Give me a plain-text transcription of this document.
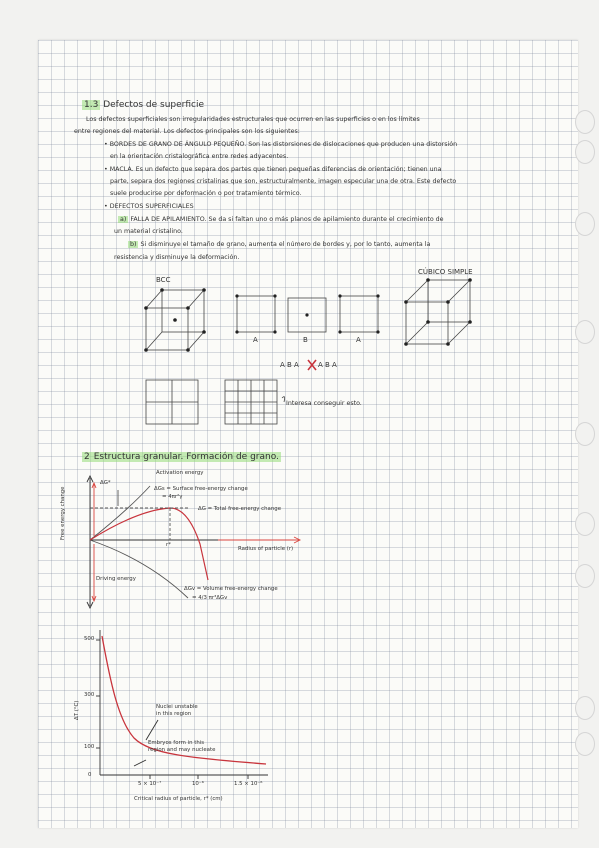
1.3 Defectos de superficie
Los defectos superficiales son irregularidades estructurales que ocurren en las superficies o en los límites
entre regiones del material. Los defectos principales son los siguientes:
• BORDES DE GRANO DE ÁNGULO PEQUEÑO. Son las distorsiones de dislocaciones que producen una distorsión
en la orientación cristalográfica entre redes adyacentes.
• MACLA. Es un defecto que separa dos partes que tienen pequeñas diferencias de orientación; tienen una
parte, separa dos regiones cristalinas que son, estructuralmente, imagen especular una de otra. Este defecto
suele producirse por deformación o por tratamiento térmico.
• DEFECTOS SUPERFICIALES
a) FALLA DE APILAMIENTO. Se da si faltan uno o más planos de apilamiento durante el crecimiento de
un material cristalino.
b) Si disminuye el tamaño de grano, aumenta el número de bordes y, por lo tanto, aumenta la
resistencia y disminuye la deformación.
BCC
CÚBICO SIMPLE
A	B	A
A B A	A B A
Interesa conseguir esto.
2 Estructura granular. Formación de grano.
ΔG*
Activation energy
ΔGs = Surface free-energy change
= 4πr²γ
ΔG = Total free-energy change
r*
Radius of particle (r)
Driving energy
ΔGv = Volume free-energy change
= 4/3 πr³ΔGv
Free energy change
500
300
100
0
5 × 10⁻⁷	10⁻⁶	1.5 × 10⁻⁶
Critical radius of particle, r* (cm)
ΔT (°C)	Nuclei unstable
in this region
Embryos form in this
region and may nucleate
